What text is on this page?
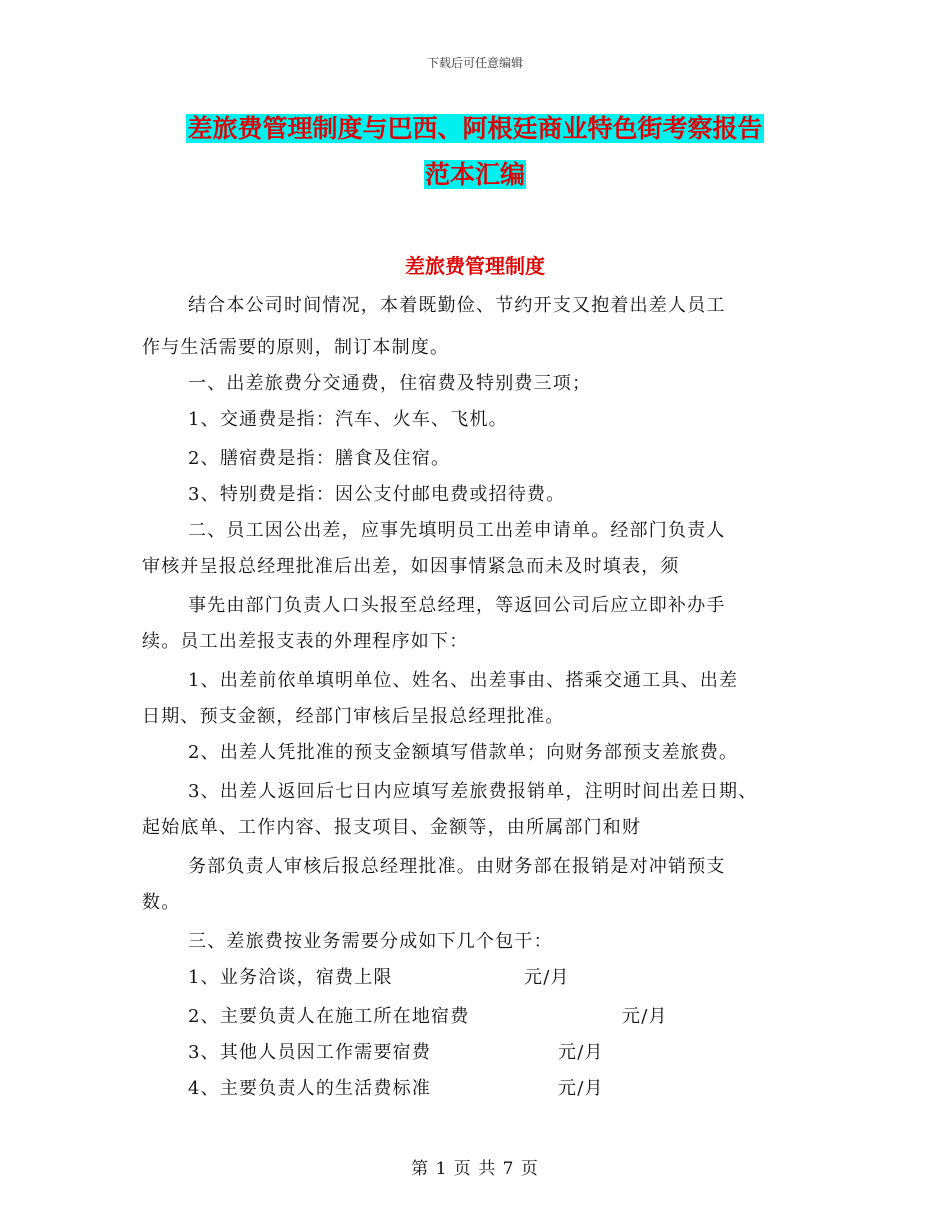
下载后可任意编辑
差旅费管理制度与巴西、阿根廷商业特色街考察报告
范本汇编
差旅费管理制度
结合本公司时间情况，本着既勤俭、节约开支又抱着出差人员工
作与生活需要的原则，制订本制度。
一、出差旅费分交通费，住宿费及特别费三项；
1、交通费是指：汽车、火车、飞机。
2、膳宿费是指：膳食及住宿。
3、特别费是指：因公支付邮电费或招待费。
二、员工因公出差，应事先填明员工出差申请单。经部门负责人
审核并呈报总经理批准后出差，如因事情紧急而未及时填表，须
事先由部门负责人口头报至总经理，等返回公司后应立即补办手
续。员工出差报支表的外理程序如下：
1、出差前依单填明单位、姓名、出差事由、搭乘交通工具、出差
日期、预支金额，经部门审核后呈报总经理批准。
2、出差人凭批准的预支金额填写借款单；向财务部预支差旅费。
3、出差人返回后七日内应填写差旅费报销单，注明时间出差日期、
起始底单、工作内容、报支项目、金额等，由所属部门和财
务部负责人审核后报总经理批准。由财务部在报销是对冲销预支
数。
三、差旅费按业务需要分成如下几个包干：
1、业务洽谈，宿费上限	元/月
2、主要负责人在施工所在地宿费	元/月
3、其他人员因工作需要宿费	元/月
4、主要负责人的生活费标准	元/月
第 1 页 共 7 页
